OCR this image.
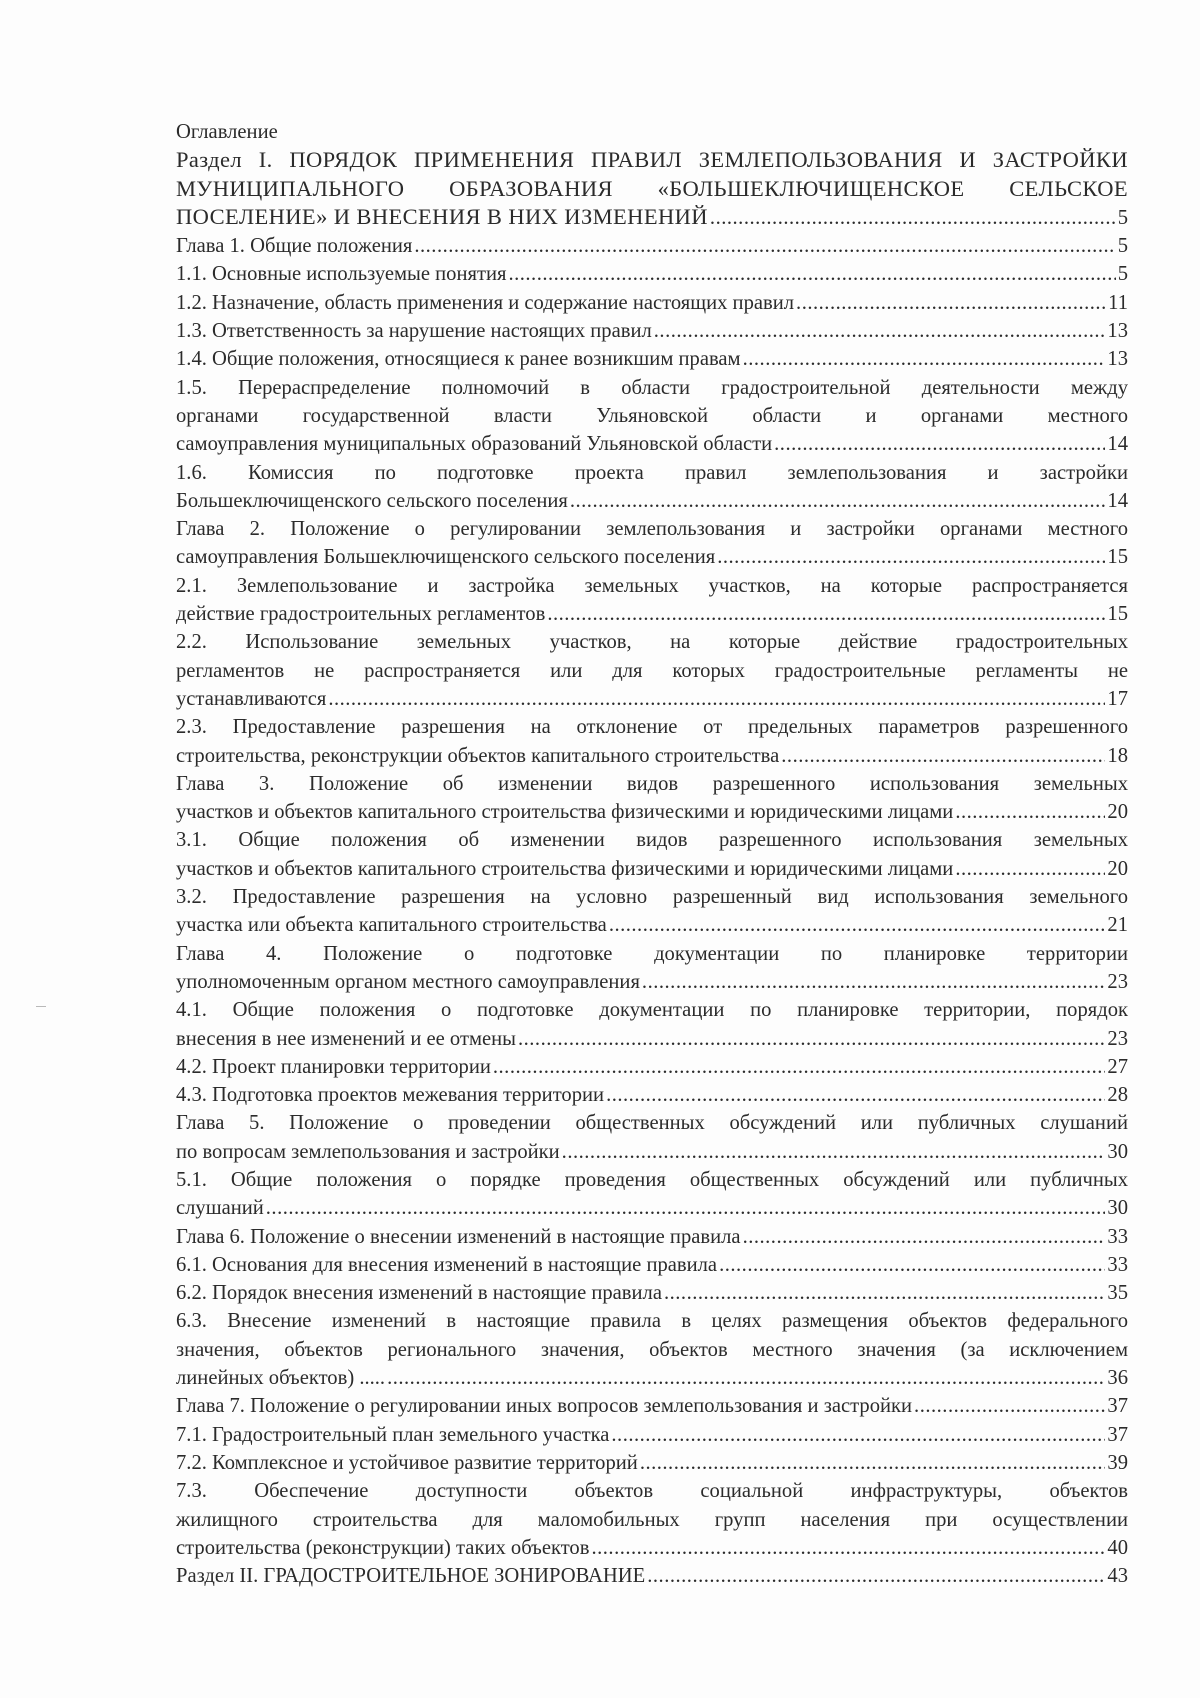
Оглавление
Раздел I. ПОРЯДОК ПРИМЕНЕНИЯ ПРАВИЛ ЗЕМЛЕПОЛЬЗОВАНИЯ И ЗАСТРОЙКИ
МУНИЦИПАЛЬНОГО ОБРАЗОВАНИЯ «БОЛЬШЕКЛЮЧИЩЕНСКОЕ СЕЛЬСКОЕ
ПОСЕЛЕНИЕ» И ВНЕСЕНИЯ В НИХ ИЗМЕНЕНИЙ .....	5
Глава 1. Общие положения .....	5
1.1. Основные используемые понятия .....	5
1.2. Назначение, область применения и содержание настоящих правил .....	11
1.3. Ответственность за нарушение настоящих правил .....	13
1.4. Общие положения, относящиеся к ранее возникшим правам .....	13
1.5. Перераспределение полномочий в области градостроительной деятельности между
органами государственной власти Ульяновской области и органами местного
самоуправления муниципальных образований Ульяновской области .....	14
1.6. Комиссия по подготовке проекта правил землепользования и застройки
Большеключищенского сельского поселения .....	14
Глава 2. Положение о регулировании землепользования и застройки органами местного
самоуправления Большеключищенского сельского поселения .....	15
2.1. Землепользование и застройка земельных участков, на которые распространяется
действие градостроительных регламентов .....	15
2.2. Использование земельных участков, на которые действие градостроительных
регламентов не распространяется или для которых градостроительные регламенты не
устанавливаются .....	17
2.3. Предоставление разрешения на отклонение от предельных параметров разрешенного
строительства, реконструкции объектов капитального строительства .....	18
Глава 3. Положение об изменении видов разрешенного использования земельных
участков и объектов капитального строительства физическими и юридическими лицами .....	20
3.1. Общие положения об изменении видов разрешенного использования земельных
участков и объектов капитального строительства физическими и юридическими лицами .....	20
3.2. Предоставление разрешения на условно разрешенный вид использования земельного
участка или объекта капитального строительства .....	21
Глава 4. Положение о подготовке документации по планировке территории
уполномоченным органом местного самоуправления .....	23
4.1. Общие положения о подготовке документации по планировке территории, порядок
внесения в нее изменений и ее отмены .....	23
4.2. Проект планировки территории .....	27
4.3. Подготовка проектов межевания территории .....	28
Глава 5. Положение о проведении общественных обсуждений или публичных слушаний
по вопросам землепользования и застройки .....	30
5.1. Общие положения о порядке проведения общественных обсуждений или публичных
слушаний .....	30
Глава 6. Положение о внесении изменений в настоящие правила .....	33
6.1. Основания для внесения изменений в настоящие правила .....	33
6.2. Порядок внесения изменений в настоящие правила .....	35
6.3. Внесение изменений в настоящие правила в целях размещения объектов федерального
значения, объектов регионального значения, объектов местного значения (за исключением
линейных объектов) ..... .....	36
Глава 7. Положение о регулировании иных вопросов землепользования и застройки .....	37
7.1. Градостроительный план земельного участка .....	37
7.2. Комплексное и устойчивое развитие территорий .....	39
7.3. Обеспечение доступности объектов социальной инфраструктуры, объектов
жилищного строительства для маломобильных групп населения при осуществлении
строительства (реконструкции) таких объектов .....	40
Раздел II. ГРАДОСТРОИТЕЛЬНОЕ ЗОНИРОВАНИЕ .....	43
